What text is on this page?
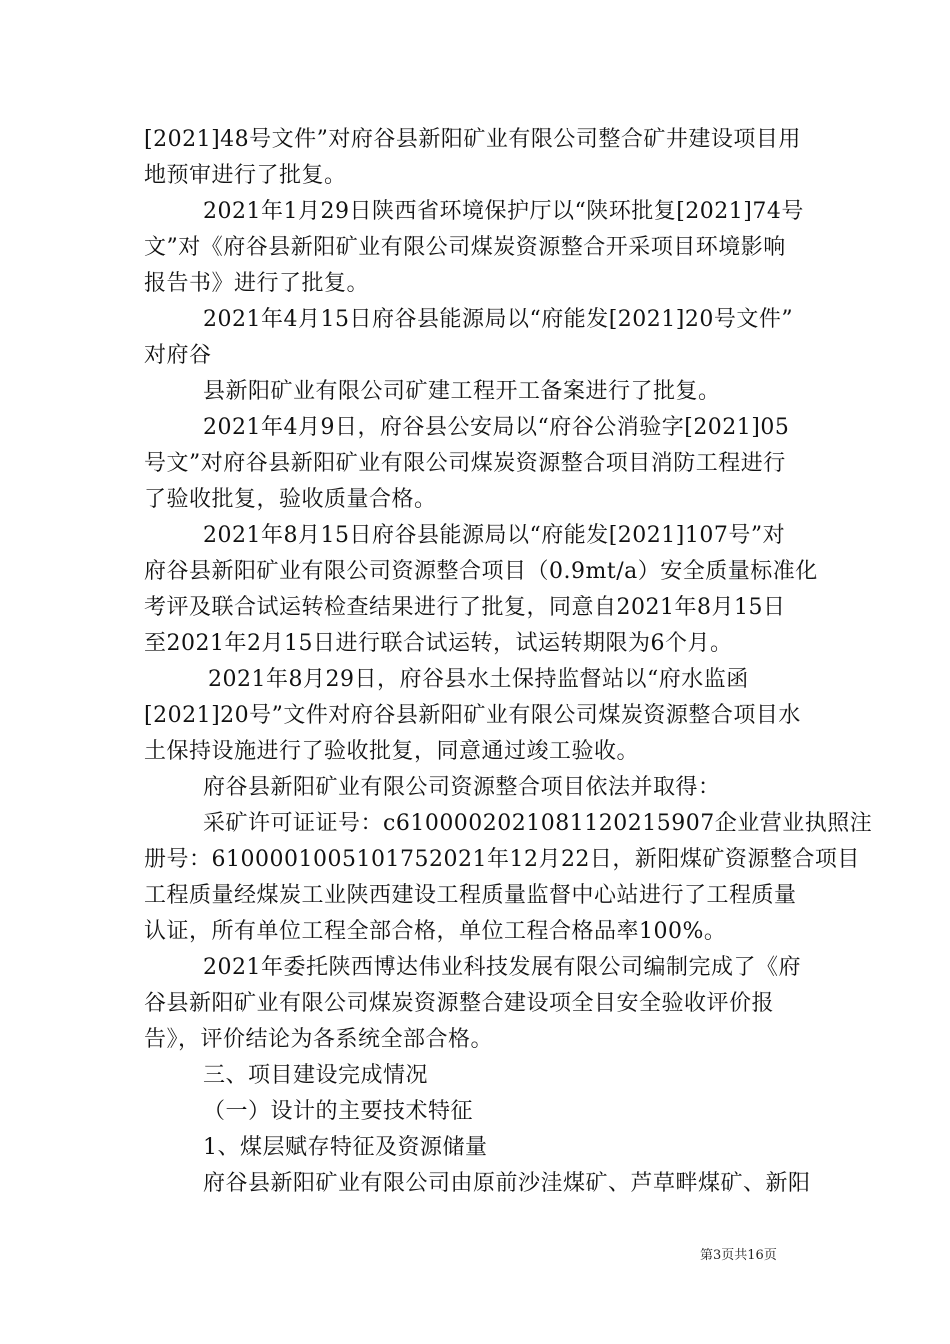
[2021]48号文件”对府谷县新阳矿业有限公司整合矿井建设项目用
地预审进行了批复。
2021年1月29日陕西省环境保护厅以“陕环批复[2021]74号
文”对《府谷县新阳矿业有限公司煤炭资源整合开采项目环境影响
报告书》进行了批复。
2021年4月15日府谷县能源局以“府能发[2021]20号文件”
对府谷
县新阳矿业有限公司矿建工程开工备案进行了批复。
2021年4月9日，府谷县公安局以“府谷公消验字[2021]05
号文”对府谷县新阳矿业有限公司煤炭资源整合项目消防工程进行
了验收批复，验收质量合格。
2021年8月15日府谷县能源局以“府能发[2021]107号”对
府谷县新阳矿业有限公司资源整合项目（0.9mt/a）安全质量标准化
考评及联合试运转检查结果进行了批复，同意自2021年8月15日
至2021年2月15日进行联合试运转，试运转期限为6个月。
2021年8月29日，府谷县水土保持监督站以“府水监函
[2021]20号”文件对府谷县新阳矿业有限公司煤炭资源整合项目水
土保持设施进行了验收批复，同意通过竣工验收。
府谷县新阳矿业有限公司资源整合项目依法并取得：
采矿许可证证号：c6100002021081120215907企业营业执照注
册号：6100001005101752021年12月22日，新阳煤矿资源整合项目
工程质量经煤炭工业陕西建设工程质量监督中心站进行了工程质量
认证，所有单位工程全部合格，单位工程合格品率100%。
2021年委托陕西博达伟业科技发展有限公司编制完成了《府
谷县新阳矿业有限公司煤炭资源整合建设项全目安全验收评价报
告》，评价结论为各系统全部合格。
三、项目建设完成情况
（一）设计的主要技术特征
1、煤层赋存特征及资源储量
府谷县新阳矿业有限公司由原前沙洼煤矿、芦草畔煤矿、新阳
第3页共16页
